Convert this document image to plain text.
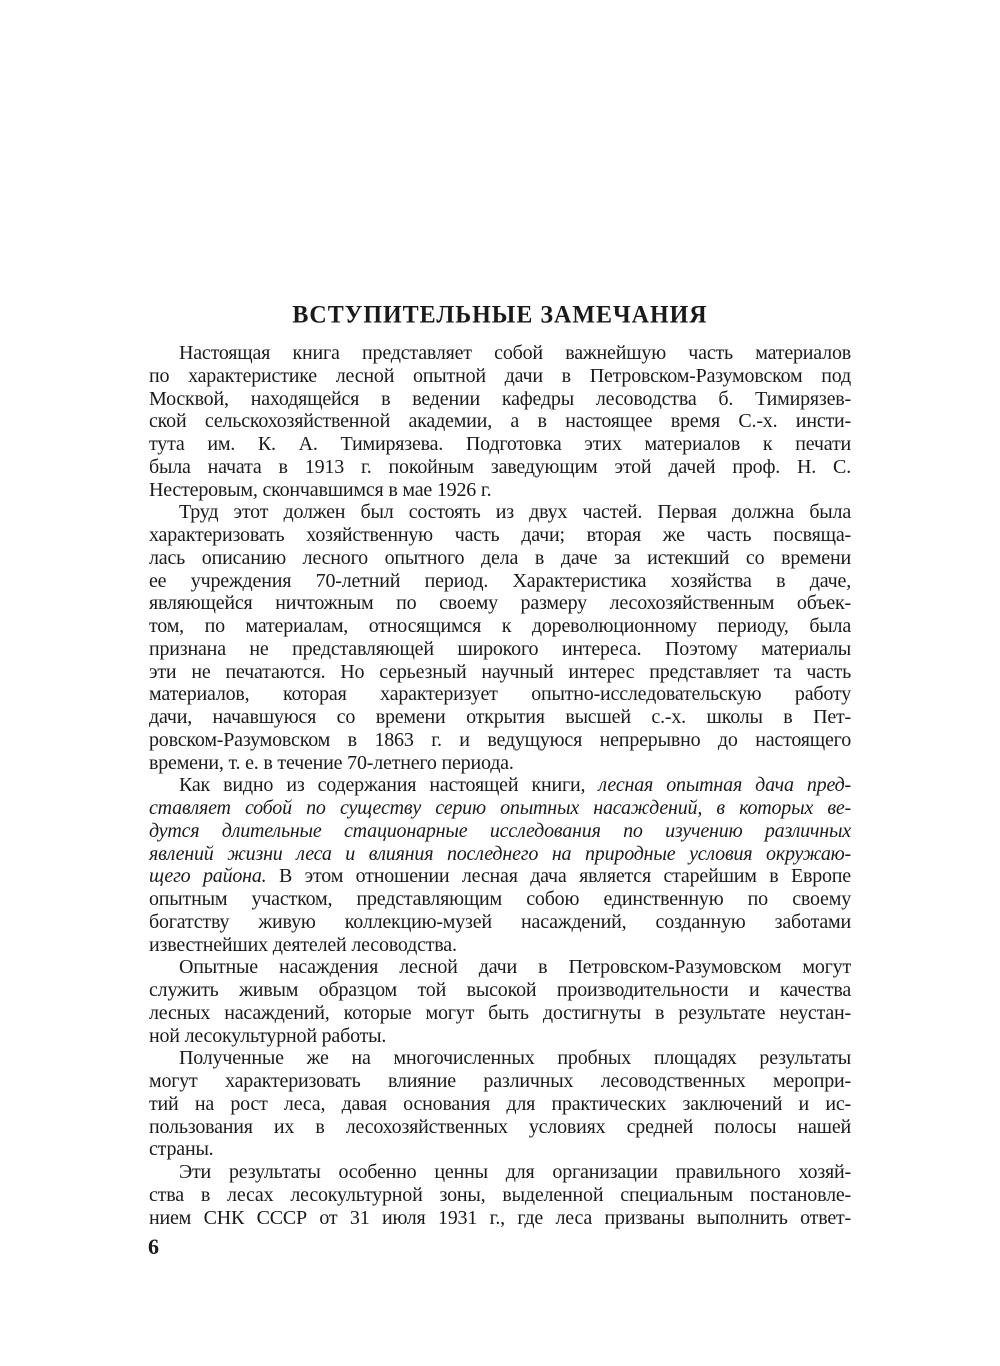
ВСТУПИТЕЛЬНЫЕ ЗАМЕЧАНИЯ
Настоящая книга представляет собой важнейшую часть материалов
по характеристике лесной опытной дачи в Петровском-Разумовском под
Москвой, находящейся в ведении кафедры лесоводства б. Тимирязев-
ской сельскохозяйственной академии, а в настоящее время С.-х. инсти-
тута им. К. А. Тимирязева. Подготовка этих материалов к печати
была начата в 1913 г. покойным заведующим этой дачей проф. Н. С.
Нестеровым, скончавшимся в мае 1926 г.
Труд этот должен был состоять из двух частей. Первая должна была
характеризовать хозяйственную часть дачи; вторая же часть посвяща-
лась описанию лесного опытного дела в даче за истекший со времени
ее учреждения 70-летний период. Характеристика хозяйства в даче,
являющейся ничтожным по своему размеру лесохозяйственным объек-
том, по материалам, относящимся к дореволюционному периоду, была
признана не представляющей широкого интереса. Поэтому материалы
эти не печатаются. Но серьезный научный интерес представляет та часть
материалов, которая характеризует опытно-исследовательскую работу
дачи, начавшуюся со времени открытия высшей с.-х. школы в Пет-
ровском-Разумовском в 1863 г. и ведущуюся непрерывно до настоящего
времени, т. е. в течение 70-летнего периода.
Как видно из содержания настоящей книги, лесная опытная дача пред-
ставляет собой по существу серию опытных насаждений, в которых ве-
дутся длительные стационарные исследования по изучению различных
явлений жизни леса и влияния последнего на природные условия окружаю-
щего района. В этом отношении лесная дача является старейшим в Европе
опытным участком, представляющим собою единственную по своему
богатству живую коллекцию-музей насаждений, созданную заботами
известнейших деятелей лесоводства.
Опытные насаждения лесной дачи в Петровском-Разумовском могут
служить живым образцом той высокой производительности и качества
лесных насаждений, которые могут быть достигнуты в результате неустан-
ной лесокультурной работы.
Полученные же на многочисленных пробных площадях результаты
могут характеризовать влияние различных лесоводственных меропри-
тий на рост леса, давая основания для практических заключений и ис-
пользования их в лесохозяйственных условиях средней полосы нашей
страны.
Эти результаты особенно ценны для организации правильного хозяй-
ства в лесах лесокультурной зоны, выделенной специальным постановле-
нием СНК СССР от 31 июля 1931 г., где леса призваны выполнить ответ-
6
